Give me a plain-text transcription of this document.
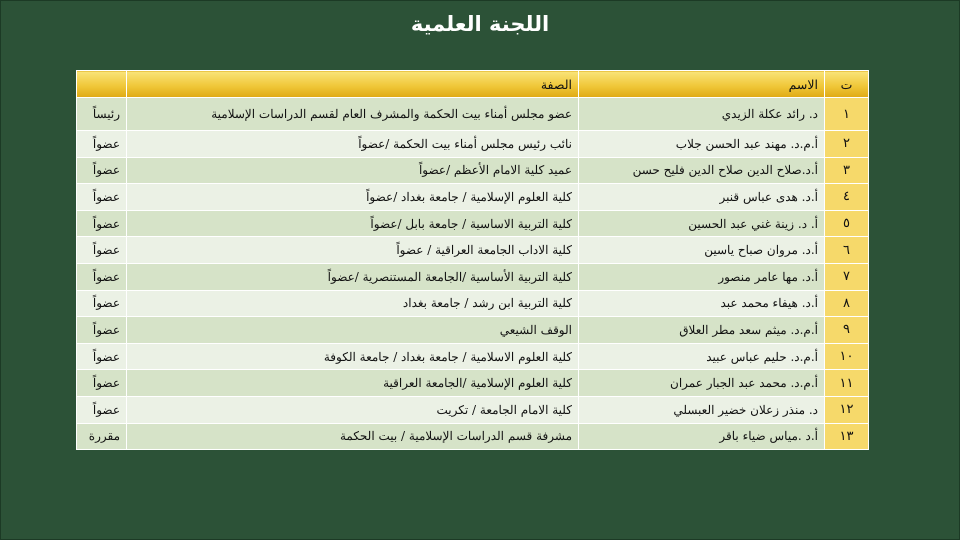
اللجنة العلمية
ت	الاسم	الصفة	
١	د. رائد عكلة الزيدي	عضو مجلس أمناء بيت الحكمة والمشرف العام لقسم الدراسات الإسلامية	رئيساً
٢	أ.م.د. مهند عبد الحسن جلاب	نائب رئيس مجلس أمناء بيت الحكمة /عضواً	عضواً
٣	أ.د.صلاح الدين صلاح الدين فليح حسن	عميد كلية الامام الأعظم /عضواً	عضواً
٤	أ.د. هدى عباس قنبر	كلية العلوم الإسلامية / جامعة بغداد /عضواً	عضواً
٥	أ. د. زينة غني عبد الحسين	كلية التربية الاساسية / جامعة بابل /عضواً	عضواً
٦	أ.د. مروان صباح ياسين	كلية الاداب الجامعة العراقية / عضواً	عضواً
٧	أ.د. مها عامر منصور	كلية التربية الأساسية /الجامعة المستنصرية /عضواً	عضواً
٨	أ.د. هيفاء محمد عبد	كلية التربية ابن رشد / جامعة بغداد	عضواً
٩	أ.م.د. ميثم سعد مطر العلاق	الوقف الشيعي	عضواً
١٠	أ.م.د. حليم عباس عبيد	كلية العلوم الاسلامية / جامعة بغداد / جامعة الكوفة	عضواً
١١	أ.م.د. محمد عبد الجبار عمران	كلية العلوم الإسلامية /الجامعة العراقية	عضواً
١٢	د. منذر زعلان خضير العبسلي	كلية الامام الجامعة / تكريت	عضواً
١٣	أ.د .مياس ضياء باقر	مشرفة قسم الدراسات الإسلامية / بيت الحكمة	مقررة
